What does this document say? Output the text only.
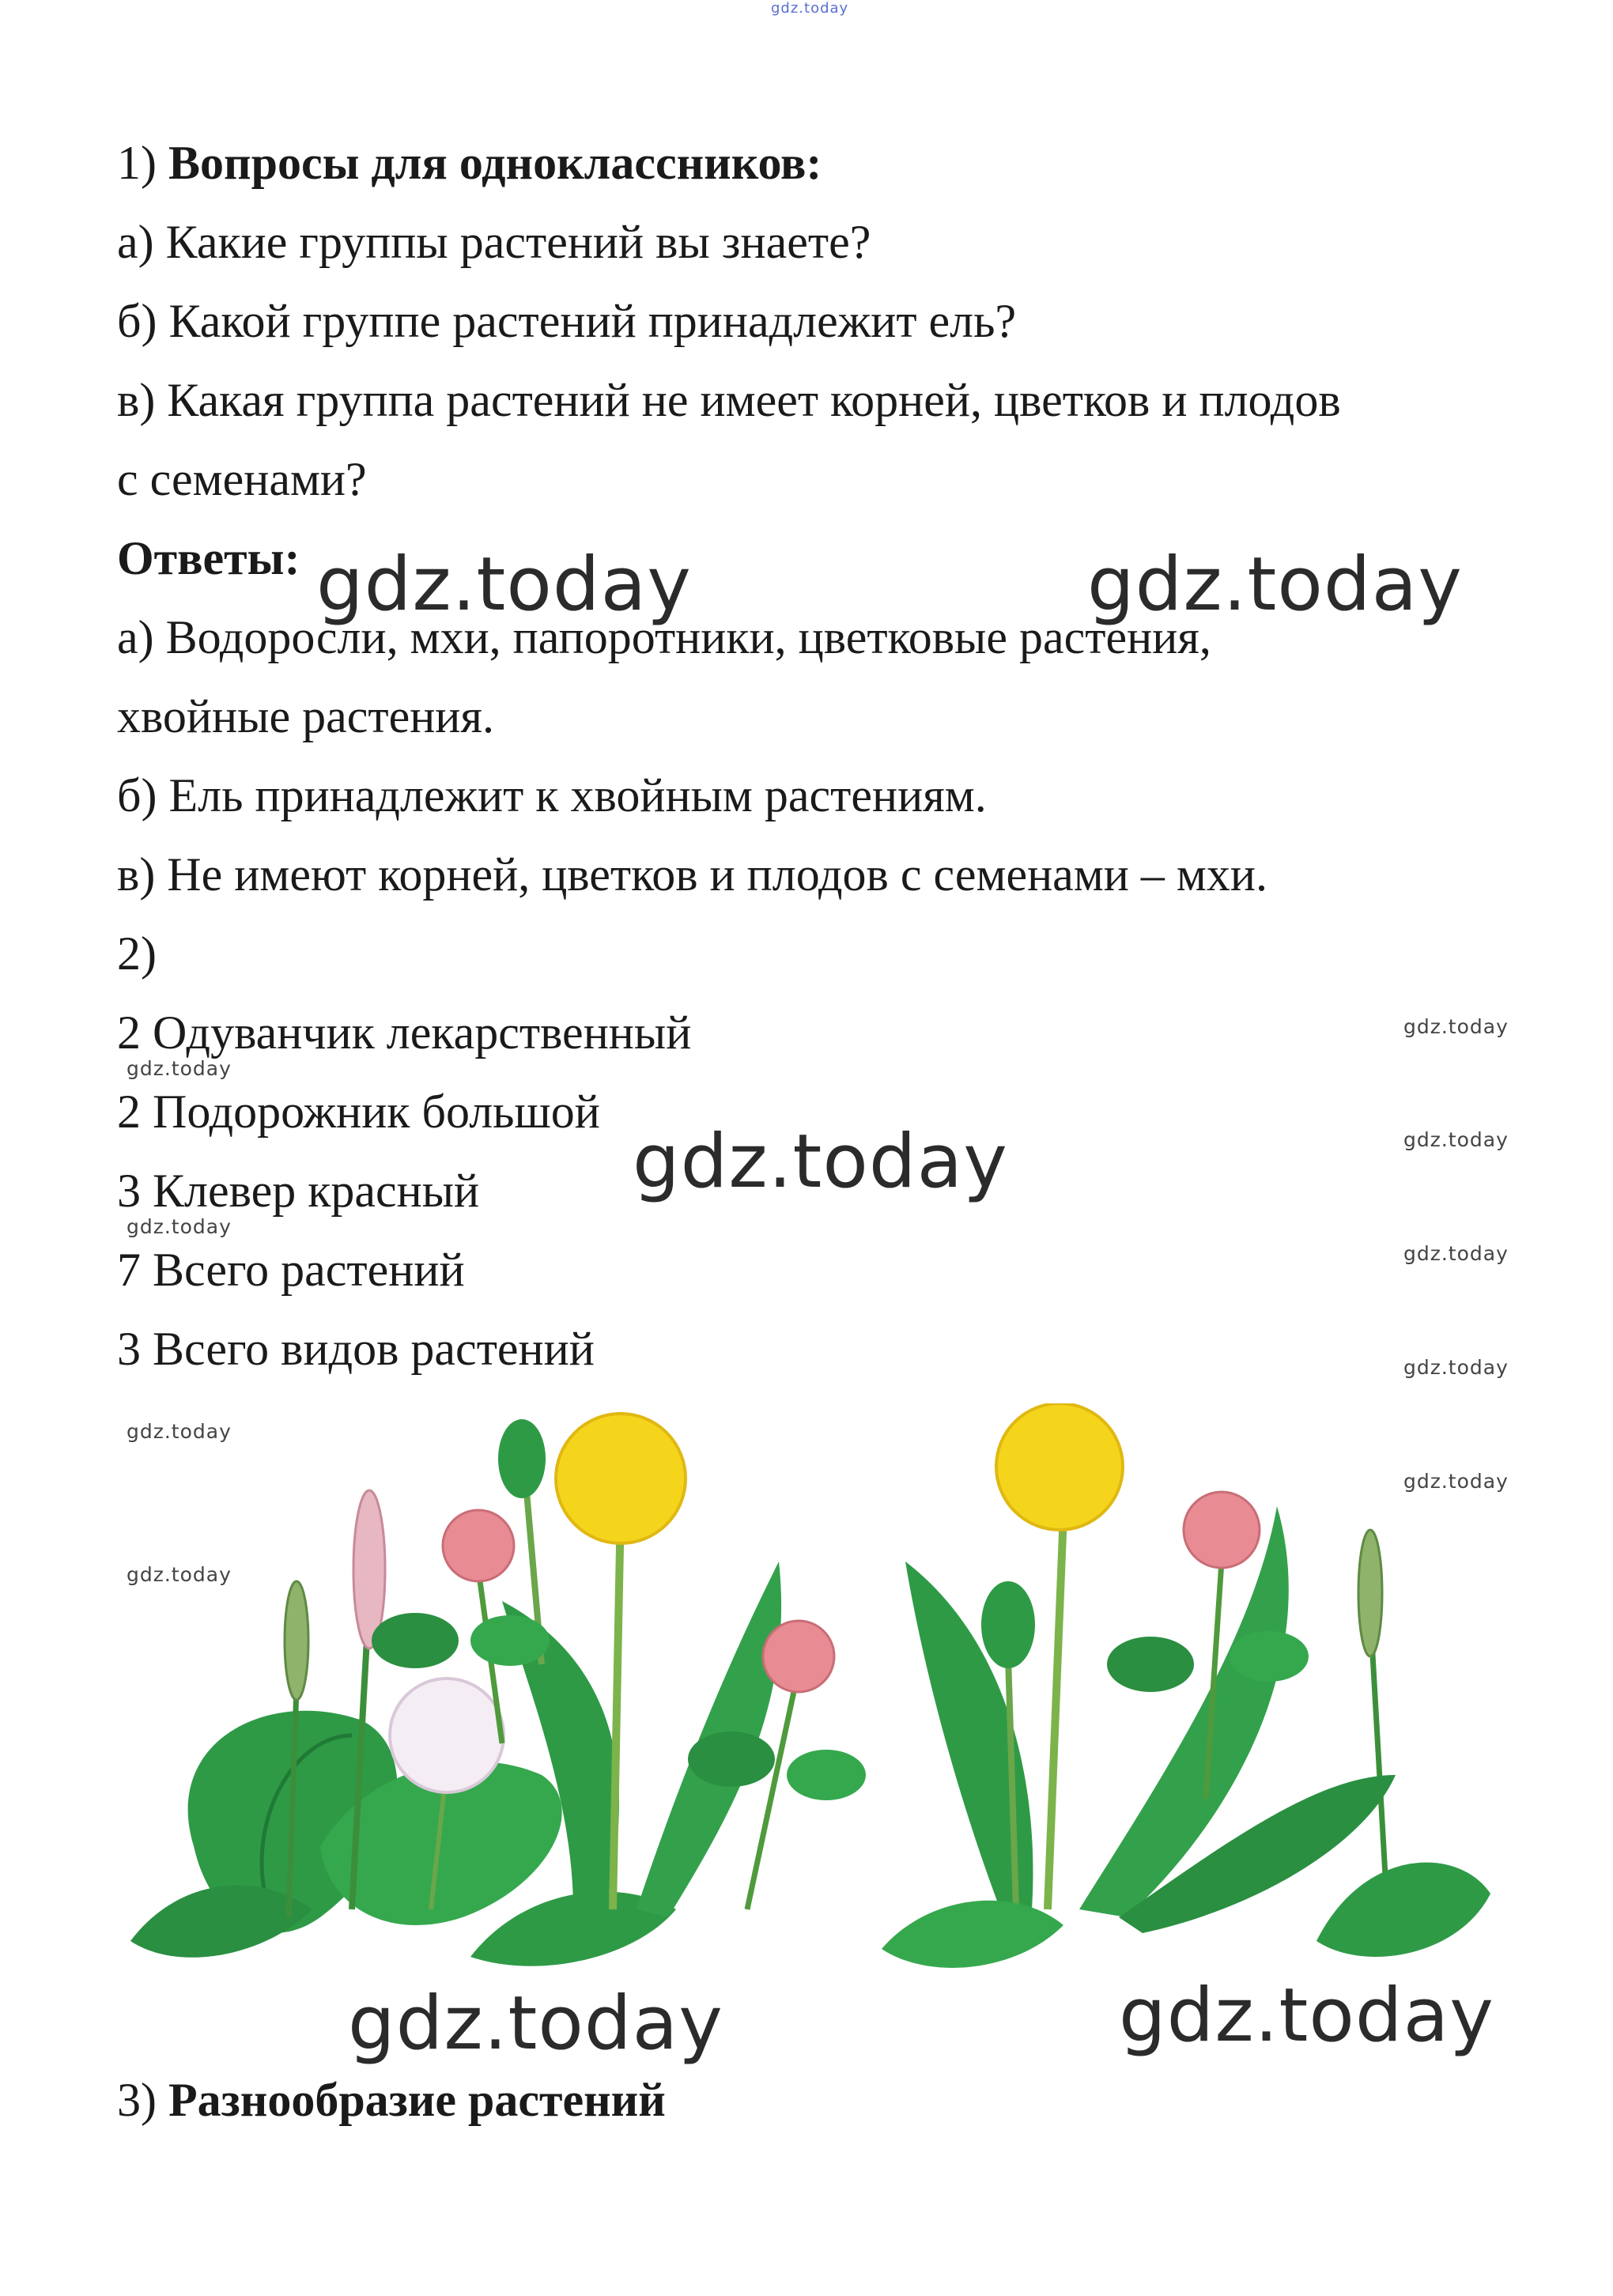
gdz.today
1) Вопросы для одноклассников:
а) Какие группы растений вы знаете?
б) Какой группе растений принадлежит ель?
в) Какая группа растений не имеет корней, цветков и плодов
с семенами?
Ответы:
а) Водоросли, мхи, папоротники, цветковые растения,
хвойные растения.
б) Ель принадлежит к хвойным растениям.
в) Не имеют корней, цветков и плодов с семенами – мхи.
2)
2 Одуванчик лекарственный
2 Подорожник большой
3 Клевер красный
7 Всего растений
3 Всего видов растений
3) Разнообразие растений
gdz.today	gdz.today
gdz.today
gdz.today	gdz.today
gdz.today
gdz.today
gdz.today
gdz.today
gdz.today
gdz.today
gdz.today
gdz.today
gdz.today
